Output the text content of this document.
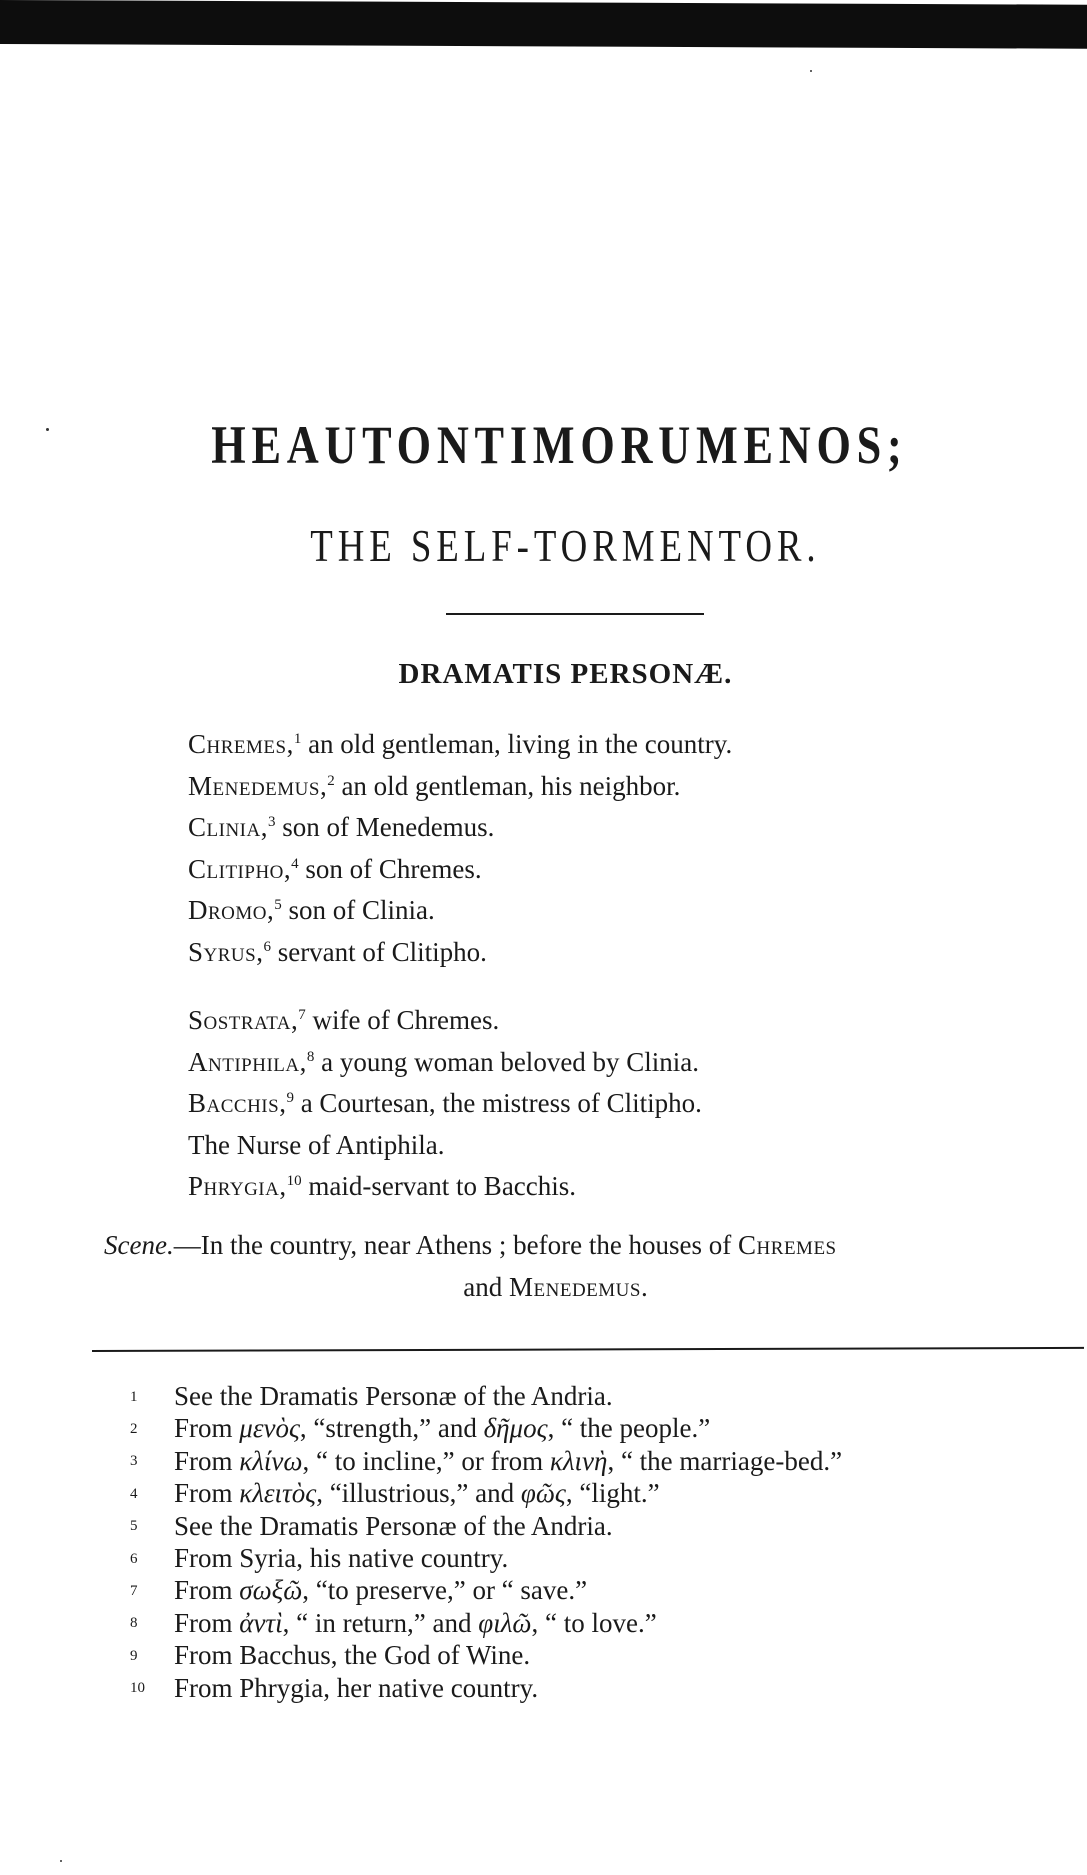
HEAUTONTIMORUMENOS;
THE SELF-TORMENTOR.
DRAMATIS PERSONÆ.
Chremes,$^1$ an old gentleman, living in the country.
Menedemus,$^2$ an old gentleman, his neighbor.
Clinia,$^3$ son of Menedemus.
Clitipho,$^4$ son of Chremes.
Dromo,$^5$ son of Clinia.
Syrus,$^6$ servant of Clitipho.
Sostrata,$^7$ wife of Chremes.
Antiphila,$^8$ a young woman beloved by Clinia.
Bacchis,$^9$ a Courtesan, the mistress of Clitipho.
The Nurse of Antiphila.
Phrygia,$^{10}$ maid-servant to Bacchis.
Scene.—In the country, near Athens ; before the houses of Chremes
and Menedemus.
1 See the Dramatis Personæ of the Andria.
2 From μενὸς, “strength,” and δῆμος, “ the people.”
3 From κλίνω, “ to incline,” or from κλινὴ, “ the marriage-bed.”
4 From κλειτὸς, “illustrious,” and φῶς, “light.”
5 See the Dramatis Personæ of the Andria.
6 From Syria, his native country.
7 From σωξῶ, “to preserve,” or “ save.”
8 From ἀντὶ, “ in return,” and φιλῶ, “ to love.”
9 From Bacchus, the God of Wine.
10 From Phrygia, her native country.
